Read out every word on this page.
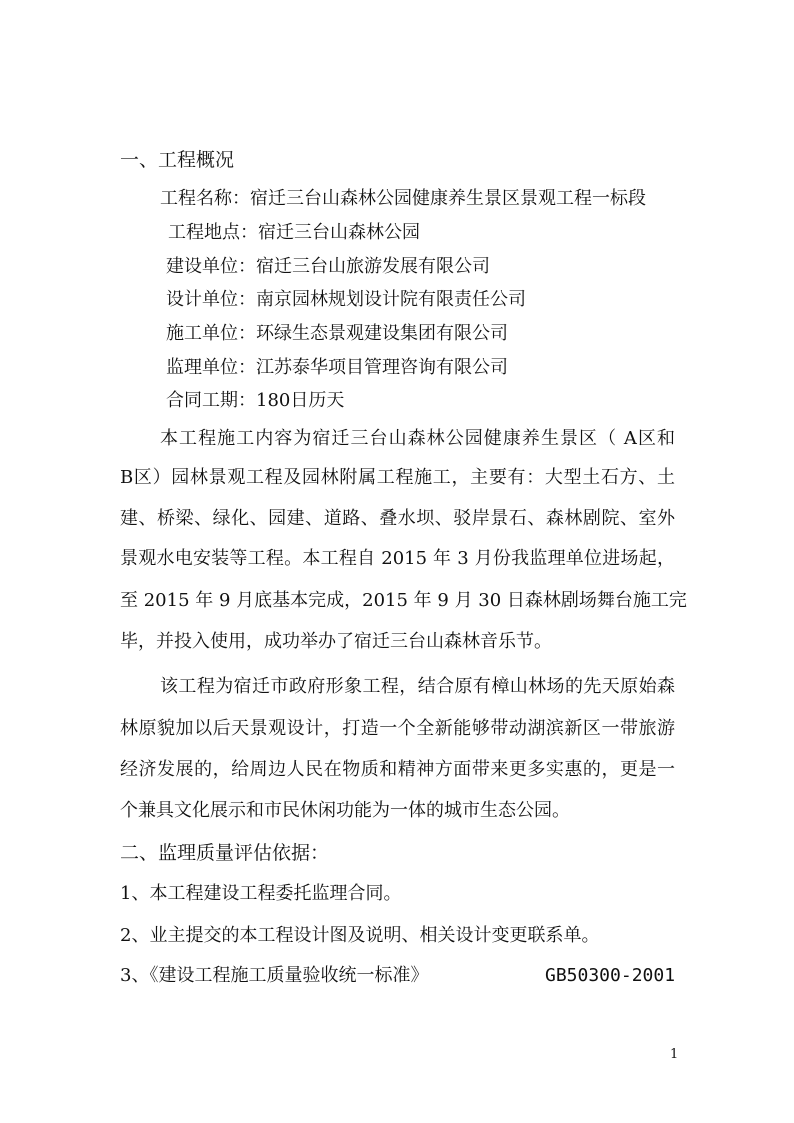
一、工程概况
工程名称：宿迁三台山森林公园健康养生景区景观工程一标段
工程地点：宿迁三台山森林公园
建设单位：宿迁三台山旅游发展有限公司
设计单位：南京园林规划设计院有限责任公司
施工单位：环绿生态景观建设集团有限公司
监理单位：江苏泰华项目管理咨询有限公司
合同工期：180日历天
本工程施工内容为宿迁三台山森林公园健康养生景区（ A区和
B区）园林景观工程及园林附属工程施工，主要有：大型土石方、土
建、桥梁、绿化、园建、道路、叠水坝、驳岸景石、森林剧院、室外
景观水电安装等工程。本工程自 2015 年 3 月份我监理单位进场起，
至 2015 年 9 月底基本完成，2015 年 9 月 30 日森林剧场舞台施工完
毕，并投入使用，成功举办了宿迁三台山森林音乐节。
该工程为宿迁市政府形象工程，结合原有樟山林场的先天原始森
林原貌加以后天景观设计，打造一个全新能够带动湖滨新区一带旅游
经济发展的，给周边人民在物质和精神方面带来更多实惠的，更是一
个兼具文化展示和市民休闲功能为一体的城市生态公园。
二、监理质量评估依据：
1、本工程建设工程委托监理合同。
2、业主提交的本工程设计图及说明、相关设计变更联系单。
3、《建设工程施工质量验收统一标准》	GB50300-2001
1
